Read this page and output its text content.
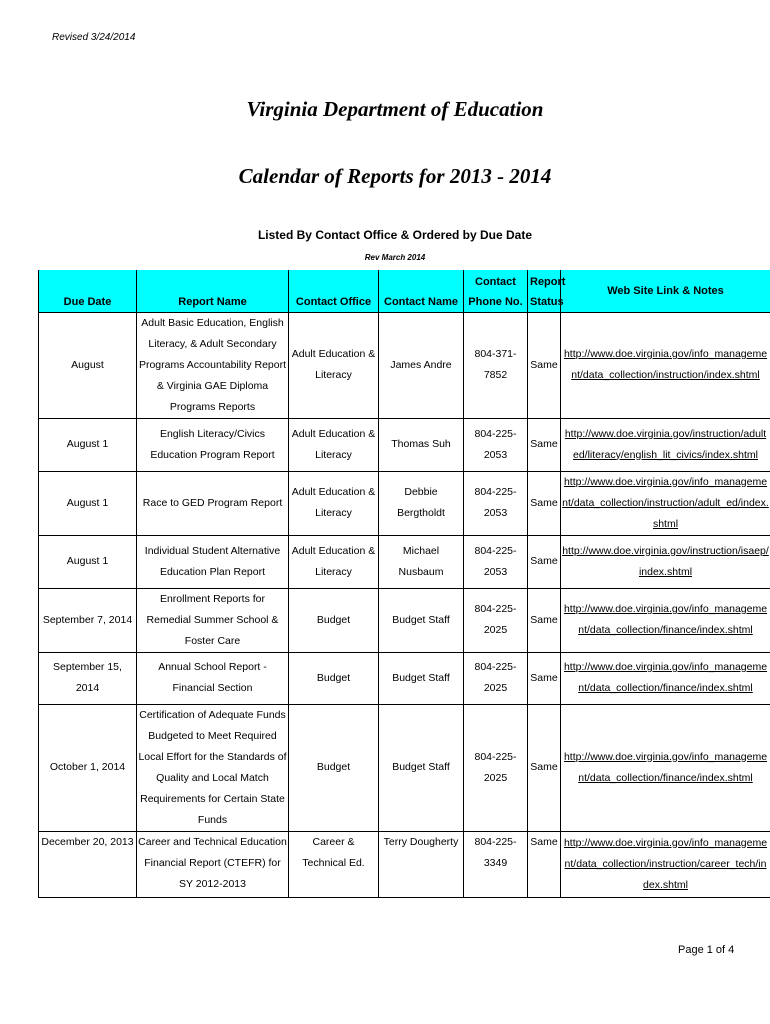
Revised 3/24/2014
Virginia Department of Education
Calendar of Reports for 2013 - 2014
Listed By Contact Office & Ordered by Due Date
Rev March 2014
Due Date	Report Name	Contact Office	Contact Name	Contact Phone No.	Report Status	Web Site Link & Notes
August	Adult Basic Education, English Literacy, & Adult Secondary Programs Accountability Report & Virginia GAE Diploma Programs Reports	Adult Education & Literacy	James Andre	804-371-7852	Same	http://www.doe.virginia.gov/info_management/data_collection/instruction/index.shtml
August 1	English Literacy/Civics Education Program Report	Adult Education & Literacy	Thomas Suh	804-225-2053	Same	http://www.doe.virginia.gov/instruction/adulted/literacy/english_lit_civics/index.shtml
August 1	Race to GED Program Report	Adult Education & Literacy	Debbie Bergtholdt	804-225-2053	Same	http://www.doe.virginia.gov/info_management/data_collection/instruction/adult_ed/index.shtml
August 1	Individual Student Alternative Education Plan Report	Adult Education & Literacy	Michael Nusbaum	804-225-2053	Same	http://www.doe.virginia.gov/instruction/isaep/index.shtml
September 7, 2014	Enrollment Reports for Remedial Summer School & Foster Care	Budget	Budget Staff	804-225-2025	Same	http://www.doe.virginia.gov/info_management/data_collection/finance/index.shtml
September 15, 2014	Annual School Report -Financial Section	Budget	Budget Staff	804-225-2025	Same	http://www.doe.virginia.gov/info_management/data_collection/finance/index.shtml
October 1, 2014	Certification of Adequate Funds Budgeted to Meet Required Local Effort for the Standards of Quality and Local Match Requirements for Certain State Funds	Budget	Budget Staff	804-225-2025	Same	http://www.doe.virginia.gov/info_management/data_collection/finance/index.shtml
December 20, 2013	Career and Technical Education Financial Report (CTEFR) for SY 2012-2013	Career & Technical Ed.	Terry Dougherty	804-225-3349	Same	http://www.doe.virginia.gov/info_management/data_collection/instruction/career_tech/index.shtml
Page 1 of 4
